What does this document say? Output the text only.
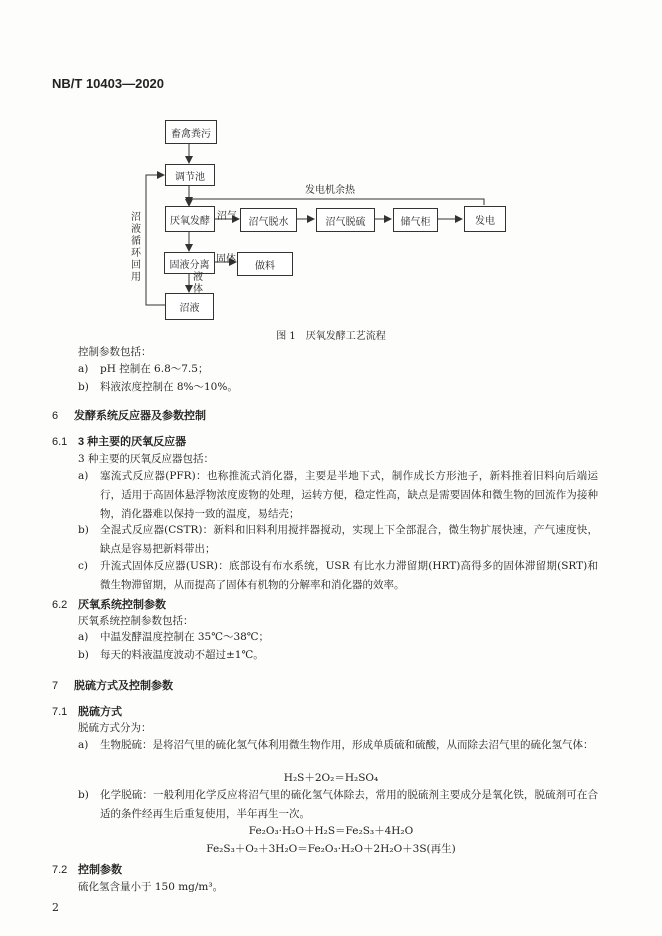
NB/T 10403—2020
畜禽粪污
调节池
厌氧发酵	沼气脱水	沼气脱硫	储气柜	发电
固液分离	做料
沼液
发电机余热
沼气
固体
液
体
沼
液
循
环
回
用
图 1　厌氧发酵工艺流程
控制参数包括：
a) pH 控制在 6.8～7.5；
b) 料液浓度控制在 8%～10%。
6 发酵系统反应器及参数控制
6.1 3 种主要的厌氧反应器
3 种主要的厌氧反应器包括：
a) 塞流式反应器(PFR)：也称推流式消化器，主要是半地下式，制作成长方形池子，新料推着旧料向后端运行，适用于高固体悬浮物浓度废物的处理，运转方便，稳定性高，缺点是需要固体和微生物的回流作为接种物，消化器难以保持一致的温度，易结壳；
b) 全混式反应器(CSTR)：新料和旧料利用搅拌器搅动，实现上下全部混合，微生物扩展快速，产气速度快，缺点是容易把新料带出；
c) 升流式固体反应器(USR)：底部设有布水系统，USR 有比水力滞留期(HRT)高得多的固体滞留期(SRT)和微生物滞留期，从而提高了固体有机物的分解率和消化器的效率。
6.2 厌氧系统控制参数
厌氧系统控制参数包括：
a) 中温发酵温度控制在 35℃～38℃；
b) 每天的料液温度波动不超过±1℃。
7 脱硫方式及控制参数
7.1 脱硫方式
脱硫方式分为：
a) 生物脱硫：是将沼气里的硫化氢气体利用微生物作用，形成单质硫和硫酸，从而除去沼气里的硫化氢气体：
H₂S＋2O₂＝H₂SO₄
b) 化学脱硫：一般利用化学反应将沼气里的硫化氢气体除去，常用的脱硫剂主要成分是氧化铁，脱硫剂可在合适的条件经再生后重复使用，半年再生一次。
Fe₂O₃·H₂O＋H₂S＝Fe₂S₃＋4H₂O
Fe₂S₃＋O₂＋3H₂O＝Fe₂O₃·H₂O＋2H₂O＋3S(再生)
7.2 控制参数
硫化氢含量小于 150 mg/m³。
2
